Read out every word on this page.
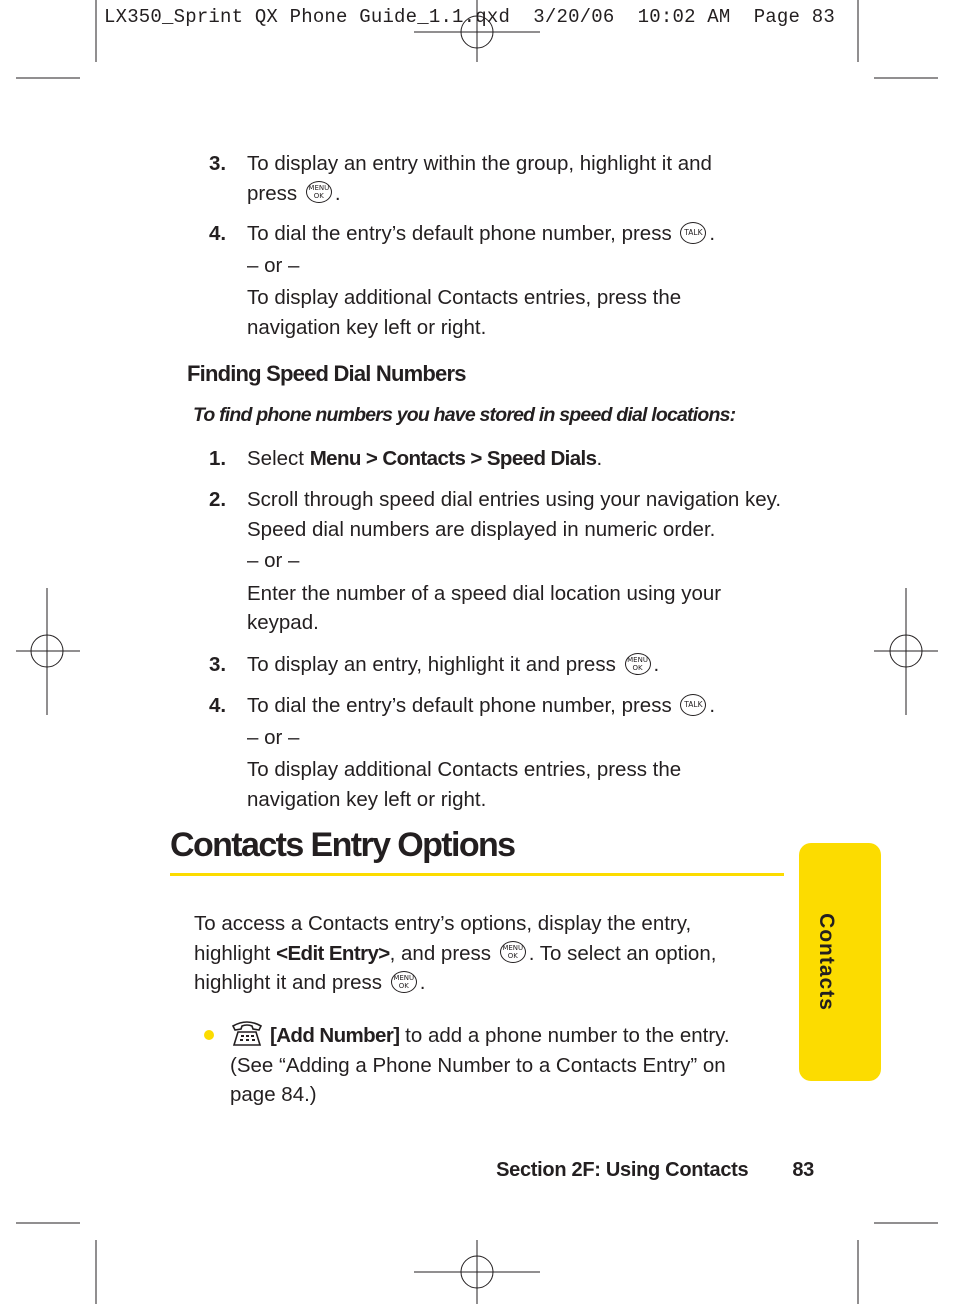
LX350_Sprint QX Phone Guide_1.1.qxd  3/20/06  10:02 AM  Page 83
3. To display an entry within the group, highlight it and

press MENU
OK .

4. To dial the entry’s default phone number, press TALK .

– or –

To display additional Contacts entries, press the navigation key left or right.

Finding Speed Dial Numbers
To find phone numbers you have stored in speed dial locations:
1. Select Menu > Contacts > Speed Dials.

2. Scroll through speed dial entries using your navigation key. Speed dial numbers are displayed in numeric order.

– or –

Enter the number of a speed dial location using your keypad.

3. To display an entry, highlight it and press MENU
OK .

4. To dial the entry’s default phone number, press TALK .

– or –

To display additional Contacts entries, press the navigation key left or right.

Contacts Entry Options

To access a Contacts entry’s options, display the entry,

highlight <Edit Entry>, and press MENU
OK . To select an option,

highlight it and press MENU
OK .

[Add Number] to add a phone number to the entry.

(See “Adding a Phone Number to a Contacts Entry” on page 84.)

Contacts
Section 2F: Using Contacts 83
